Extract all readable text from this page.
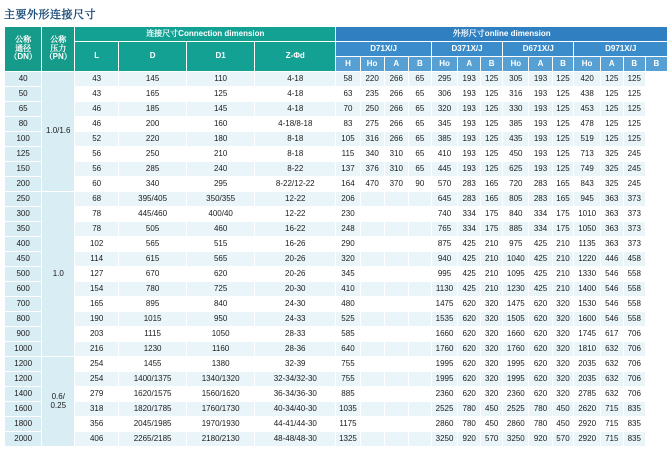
主要外形连接尺寸
公称
通径
（DN）

公称
压力
（PN）
	连接尺寸Connection dimension	外形尺寸online dimension
		L	D	D1	Z-Φd	D71X/J				D371X/J			D671X/J			D971X/J			
						H	Ho	A	B	Ho	A	B	Ho	A	B	Ho	A	B	B
40	1.0/1.6	43	145	110	4-18	58	220	266	65	295	193	125	305	193	125	420	125	125	
50		43	165	125	4-18	63	235	266	65	306	193	125	316	193	125	438	125	125	
65		46	185	145	4-18	70	250	266	65	320	193	125	330	193	125	453	125	125	
80		46	200	160	4-18/8-18	83	275	266	65	345	193	125	385	193	125	478	125	125	
100		52	220	180	8-18	105	316	266	65	385	193	125	435	193	125	519	125	125	
125		56	250	210	8-18	115	340	310	65	410	193	125	450	193	125	713	325	245	
150		56	285	240	8-22	137	376	310	65	445	193	125	625	193	125	749	325	245	
200		60	340	295	8-22/12-22	164	470	370	90	570	283	165	720	283	165	843	325	245	
250	1.0	68	395/405	350/355	12-22	206				645	283	165	805	283	165	945	363	373	
300		78	445/460	400/40	12-22	230				740	334	175	840	334	175	1010	363	373	
350		78	505	460	16-22	248				765	334	175	885	334	175	1050	363	373	
400		102	565	515	16-26	290				875	425	210	975	425	210	1135	363	373	
450		114	615	565	20-26	320				940	425	210	1040	425	210	1220	446	458	
500		127	670	620	20-26	345				995	425	210	1095	425	210	1330	546	558	
600		154	780	725	20-30	410				1130	425	210	1230	425	210	1400	546	558	
700		165	895	840	24-30	480				1475	620	320	1475	620	320	1530	546	558	
800		190	1015	950	24-33	525				1535	620	320	1505	620	320	1600	546	558	
900		203	1115	1050	28-33	585				1660	620	320	1660	620	320	1745	617	706	
1000		216	1230	1160	28-36	640				1760	620	320	1760	620	320	1810	632	706	
1200	0.6/
0.25	254	1455	1380	32-39	755				1995	620	320	1995	620	320	2035	632	706	
1200		254	1400/1375	1340/1320	32-34/32-30	755				1995	620	320	1995	620	320	2035	632	706	
1400		279	1620/1575	1560/1620	36-34/36-30	885				2360	620	320	2360	620	320	2785	632	706	
1600		318	1820/1785	1760/1730	40-34/40-30	1035				2525	780	450	2525	780	450	2620	715	835	
1800		356	2045/1985	1970/1930	44-41/44-30	1175				2860	780	450	2860	780	450	2920	715	835	
2000		406	2265/2185	2180/2130	48-48/48-30	1325				3250	920	570	3250	920	570	2920	715	835	
